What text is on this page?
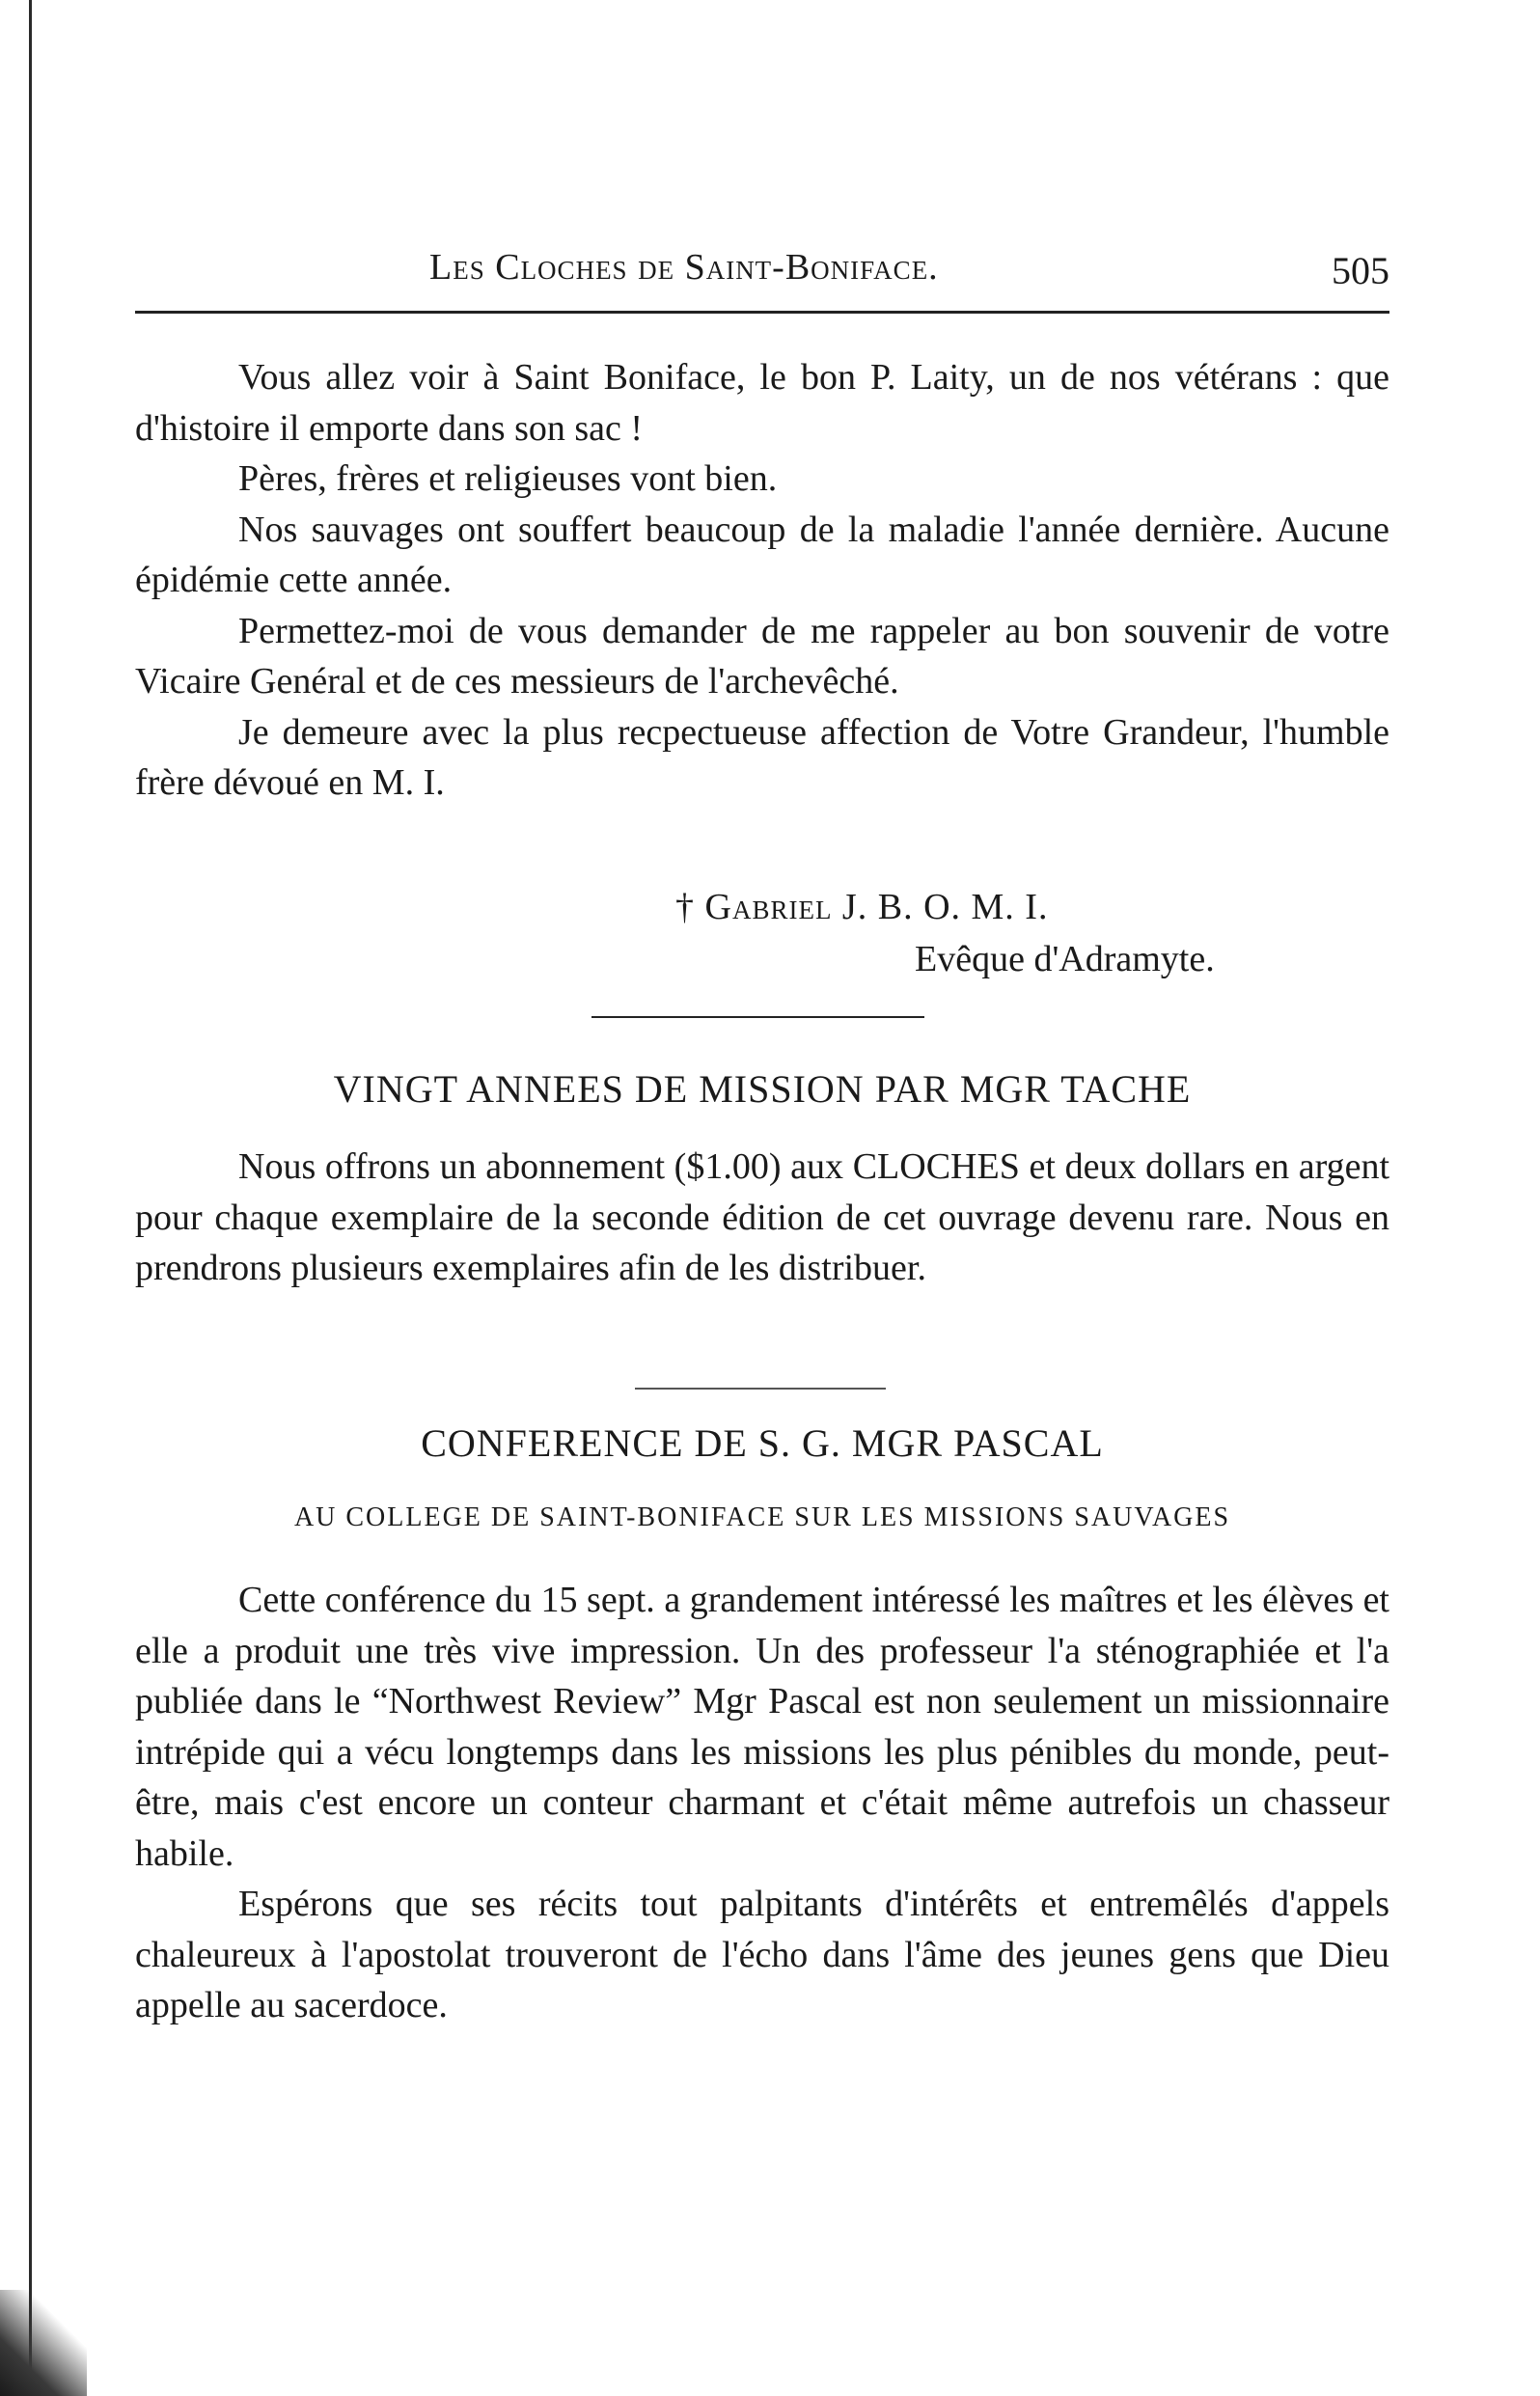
Les Cloches de Saint-Boniface.	505

Vous allez voir à Saint Boniface, le bon P. Laity, un de nos vétérans : que d'histoire il emporte dans son sac !

Pères, frères et religieuses vont bien.

Nos sauvages ont souffert beaucoup de la maladie l'année dernière. Aucune épidémie cette année.

Permettez-moi de vous demander de me rappeler au bon souvenir de votre Vicaire Genéral et de ces messieurs de l'archevêché.

Je demeure avec la plus recpectueuse affection de Votre Grandeur, l'humble frère dévoué en M. I.

† Gabriel J. B. O. M. I.
Evêque d'Adramyte.
VINGT ANNEES DE MISSION PAR MGR TACHE

Nous offrons un abonnement ($1.00) aux CLOCHES et deux dollars en argent pour chaque exemplaire de la seconde édition de cet ouvrage devenu rare. Nous en prendrons plusieurs exemplaires afin de les distribuer.

CONFERENCE DE S. G. MGR PASCAL
AU COLLEGE DE SAINT-BONIFACE SUR LES MISSIONS SAUVAGES

Cette conférence du 15 sept. a grandement intéressé les maîtres et les élèves et elle a produit une très vive impression. Un des professeur l'a sténographiée et l'a publiée dans le “Northwest Review” Mgr Pascal est non seulement un missionnaire intrépide qui a vécu longtemps dans les missions les plus pénibles du monde, peut-être, mais c'est encore un conteur charmant et c'était même autrefois un chasseur habile.

Espérons que ses récits tout palpitants d'intérêts et entremêlés d'appels chaleureux à l'apostolat trouveront de l'écho dans l'âme des jeunes gens que Dieu appelle au sacerdoce.
